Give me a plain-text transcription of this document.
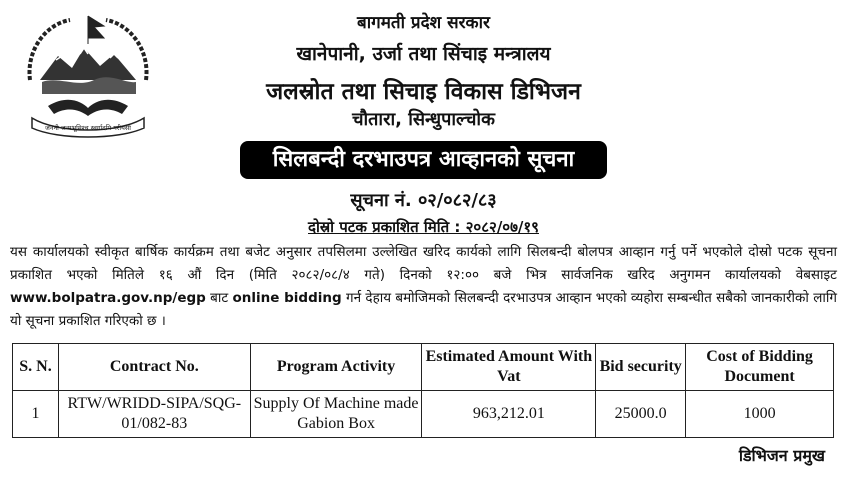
जननी जन्मभूमिश्च स्वर्गादपि गरीयसी
बागमती प्रदेश सरकार
खानेपानी, उर्जा तथा सिंचाइ मन्त्रालय
जलस्रोत तथा सिचाइ विकास डिभिजन
चौतारा, सिन्धुपाल्चोक
सिलबन्दी दरभाउपत्र आव्हानको सूचना
सूचना नं. ०२/०८२/८३
दोस्रो पटक प्रकाशित मिति : २०८२/०७/१९
यस कार्यालयको स्वीकृत बार्षिक कार्यक्रम तथा बजेट अनुसार तपसिलमा उल्लेखित खरिद कार्यको लागि सिलबन्दी बोलपत्र आव्हान गर्नु पर्ने भएकोले दोस्रो पटक सूचना प्रकाशित भएको मितिले १६ औं दिन (मिति २०८२/०८/४ गते) दिनको १२:०० बजे भित्र सार्वजनिक खरिद अनुगमन कार्यालयको वेबसाइट www.bolpatra.gov.np/egp बाट online bidding गर्न देहाय बमोजिमको सिलबन्दी दरभाउपत्र आव्हान भएको व्यहोरा सम्बन्धीत सबैको जानकारीको लागि यो सूचना प्रकाशित गरिएको छ ।
S. N.	Contract No.	Program Activity	Estimated Amount With Vat	Bid security	Cost of Bidding Document
1	RTW/WRIDD-SIPA/SQG-01/082-83	Supply Of Machine made Gabion Box	963,212.01	25000.0	1000
डिभिजन प्रमुख
